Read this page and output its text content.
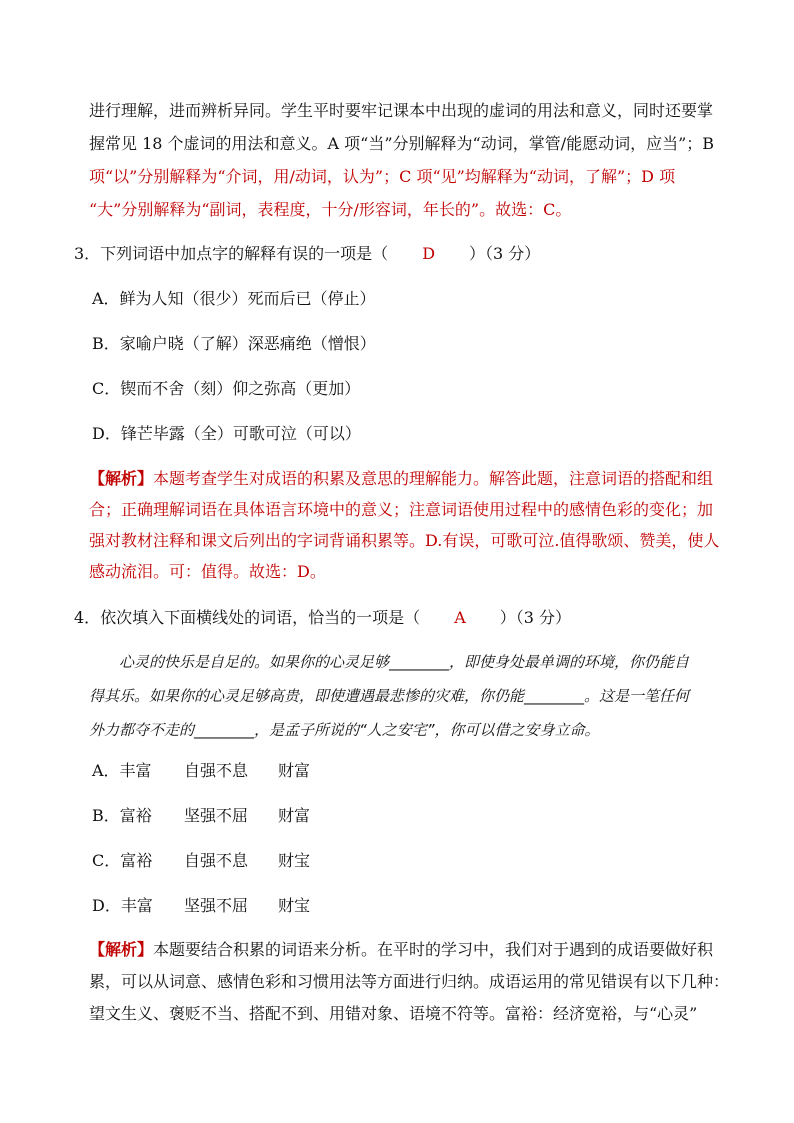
进行理解，进而辨析异同。学生平时要牢记课本中出现的虚词的用法和意义，同时还要掌

握常见 18 个虚词的用法和意义。A 项“当”分别解释为“动词，掌管/能愿动词，应当”；B

项“以”分别解释为“介词，用/动词，认为”；C 项“见”均解释为“动词，了解”；D 项

“大”分别解释为“副词，表程度，十分/形容词，年长的”。故选：C。

3．下列词语中加点字的解释有误的一项是（ D ）（3 分）

A．鲜为人知（很少）死而后已（停止）

B．家喻户晓（了解）深恶痛绝（憎恨）

C．锲而不舍（刻）仰之弥高（更加）

D．锋芒毕露（全）可歌可泣（可以）

【解析】本题考查学生对成语的积累及意思的理解能力。解答此题，注意词语的搭配和组

合；正确理解词语在具体语言环境中的意义；注意词语使用过程中的感情色彩的变化；加

强对教材注释和课文后列出的字词背诵积累等。D.有误，可歌可泣.值得歌颂、赞美，使人

感动流泪。可：值得。故选：D。

4．依次填入下面横线处的词语，恰当的一项是（ A ）（3 分）

心灵的快乐是自足的。如果你的心灵足够________，即使身处最单调的环境，你仍能自

得其乐。如果你的心灵足够高贵，即使遭遇最悲惨的灾难，你仍能________。这是一笔任何

外力都夺不走的________，是孟子所说的“人之安宅”，你可以借之安身立命。

A．丰富 自强不息 财富

B．富裕 坚强不屈 财富

C．富裕 自强不息 财宝

D．丰富 坚强不屈 财宝

【解析】本题要结合积累的词语来分析。在平时的学习中，我们对于遇到的成语要做好积

累，可以从词意、感情色彩和习惯用法等方面进行归纳。成语运用的常见错误有以下几种：

望文生义、褒贬不当、搭配不到、用错对象、语境不符等。富裕：经济宽裕，与“心灵”
